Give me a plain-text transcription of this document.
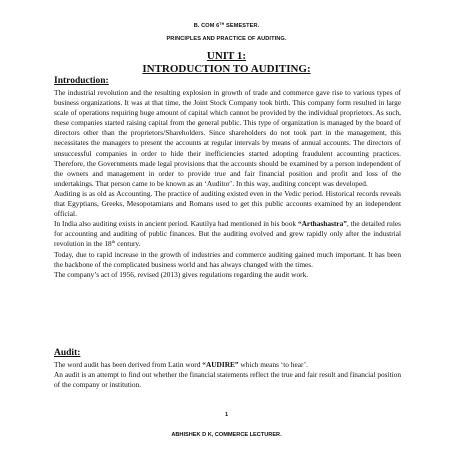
B. COM 6TH SEMESTER.
PRINCIPLES AND PRACTICE OF AUDITING.
UNIT 1:
INTRODUCTION TO AUDITING:
Introduction:

The industrial revolution and the resulting explosion in growth of trade and commerce gave rise to various types of business organizations. It was at that time, the Joint Stock Company took birth. This company form resulted in large scale of operations requiring huge amount of capital which cannot be provided by the individual proprietors. As such, these companies started raising capital from the general public. This type of organization is managed by the board of directors other than the proprietors/Shareholders. Since shareholders do not took part in the management, this necessitates the managers to present the accounts at regular intervals by means of annual accounts. The directors of unsuccessful companies in order to hide their inefficiencies started adopting fraudulent accounting practices. Therefore, the Governments made legal provisions that the accounts should be examined by a person independent of the owners and management in order to provide true and fair financial position and profit and loss of the undertakings. That person came to be known as an ‘Auditor’. In this way, auditing concept was developed.

Auditing is as old as Accounting. The practice of auditing existed even in the Vedic period. Historical records reveals that Egyptians, Greeks, Mesopotamians and Romans used to get this public accounts examined by an independent official.

In India also auditing exists in ancient period. Kautilya had mentioned in his book “Arthashastra”, the detailed rules for accounting and auditing of public finances. But the auditing evolved and grew rapidly only after the industrial revolution in the 18th century.

Today, due to rapid increase in the growth of industries and commerce auditing gained much important. It has been the backbone of the complicated business world and has always changed with the times.

The company’s act of 1956, revised (2013) gives regulations regarding the audit work.

Audit:

The word audit has been derived from Latin word “AUDIRE” which means ‘to hear’.

An audit is an attempt to find out whether the financial statements reflect the true and fair result and financial position of the company or institution.

1
ABHISHEK D K, COMMERCE LECTURER.
